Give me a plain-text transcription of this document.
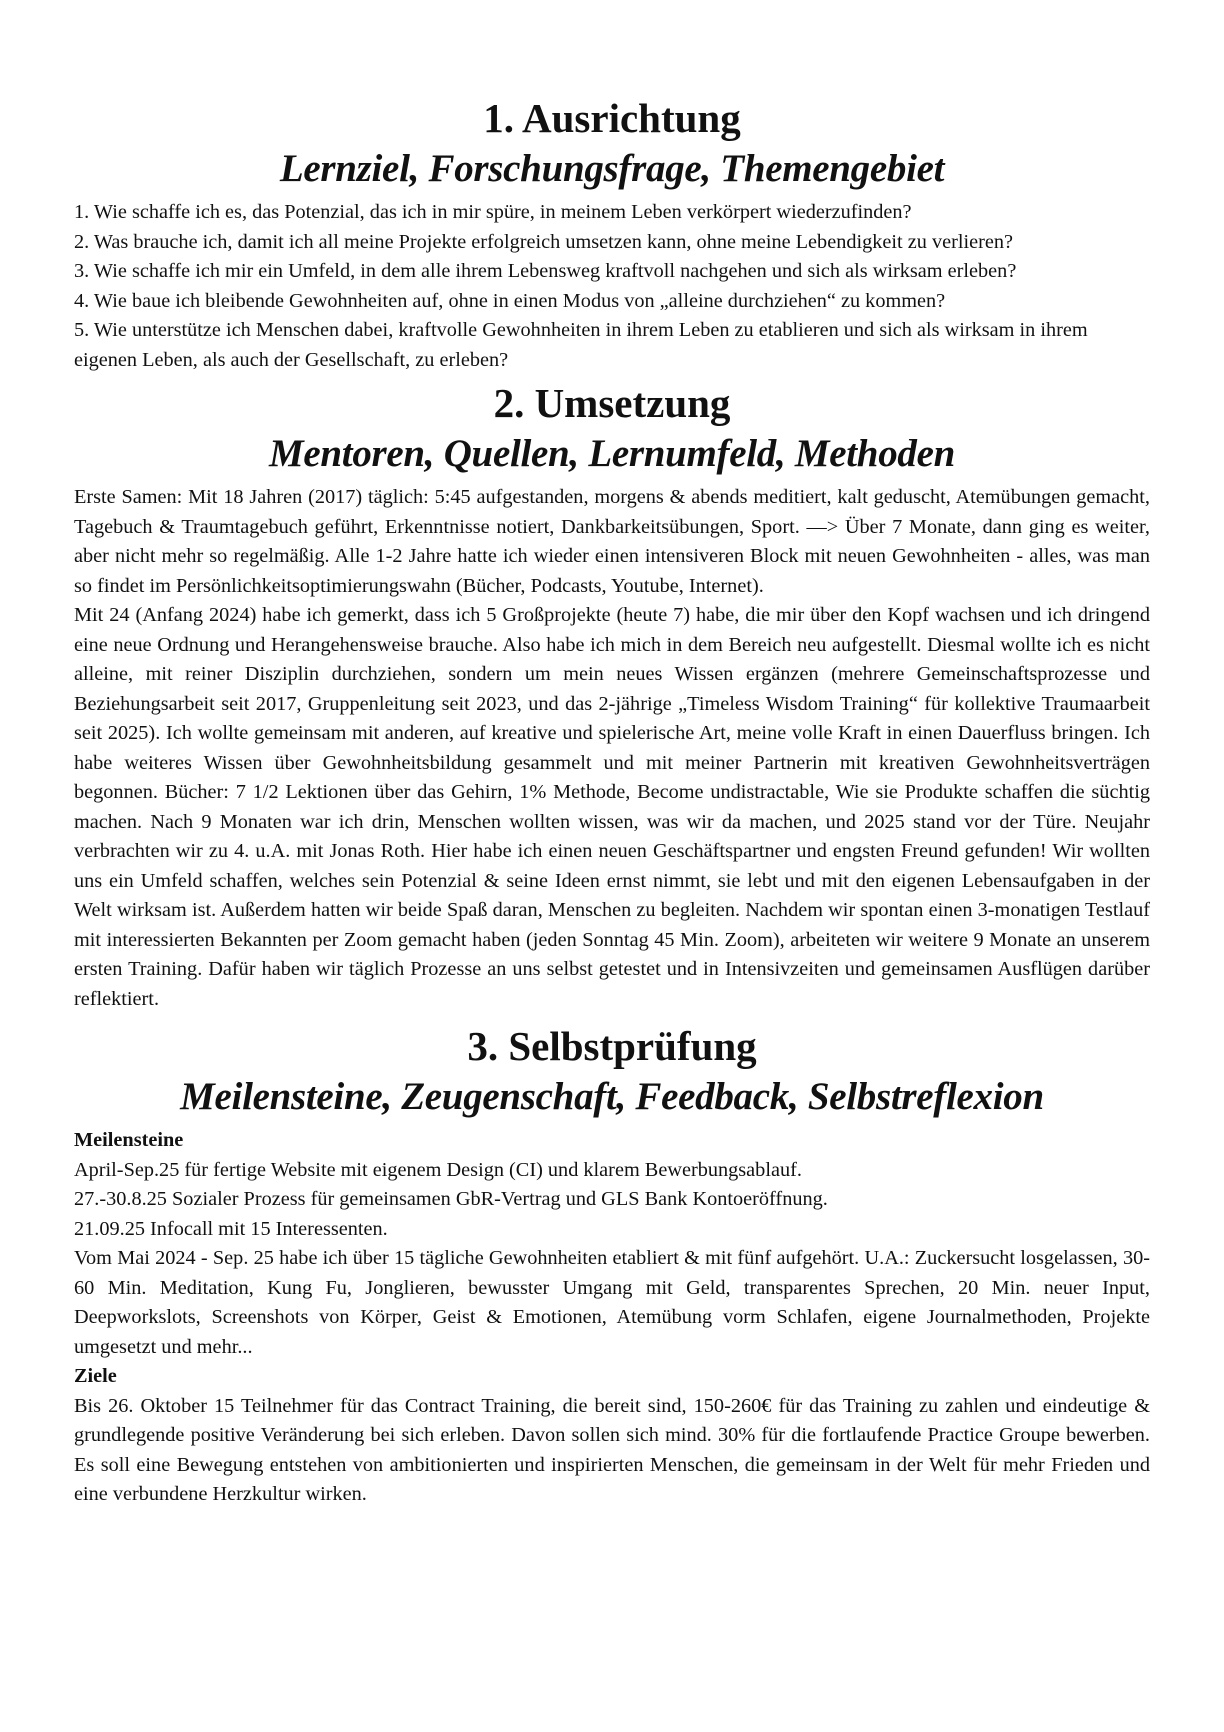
1. Ausrichtung
Lernziel, Forschungsfrage, Themengebiet

1. Wie schaffe ich es, das Potenzial, das ich in mir spüre, in meinem Leben verkörpert wiederzufinden?

2. Was brauche ich, damit ich all meine Projekte erfolgreich umsetzen kann, ohne meine Lebendigkeit zu verlieren?

3. Wie schaffe ich mir ein Umfeld, in dem alle ihrem Lebensweg kraftvoll nachgehen und sich als wirksam erleben?

4. Wie baue ich bleibende Gewohnheiten auf, ohne in einen Modus von „alleine durchziehen“ zu kommen?

5. Wie unterstütze ich Menschen dabei, kraftvolle Gewohnheiten in ihrem Leben zu etablieren und sich als wirksam in ihrem eigenen Leben, als auch der Gesellschaft, zu erleben?

2. Umsetzung
Mentoren, Quellen, Lernumfeld, Methoden

Erste Samen: Mit 18 Jahren (2017) täglich: 5:45 aufgestanden, morgens & abends meditiert, kalt geduscht, Atemübungen gemacht, Tagebuch & Traumtagebuch geführt, Erkenntnisse notiert, Dankbarkeitsübungen, Sport. —> Über 7 Monate, dann ging es weiter, aber nicht mehr so regelmäßig. Alle 1-2 Jahre hatte ich wieder einen intensiveren Block mit neuen Gewohnheiten - alles, was man so findet im Persönlichkeitsoptimierungswahn (Bücher, Podcasts, Youtube, Internet).

Mit 24 (Anfang 2024) habe ich gemerkt, dass ich 5 Großprojekte (heute 7) habe, die mir über den Kopf wachsen und ich dringend eine neue Ordnung und Herangehensweise brauche. Also habe ich mich in dem Bereich neu aufgestellt. Diesmal wollte ich es nicht alleine, mit reiner Disziplin durchziehen, sondern um mein neues Wissen ergänzen (mehrere Gemeinschaftsprozesse und Beziehungsarbeit seit 2017, Gruppenleitung seit 2023, und das 2-jährige „Timeless Wisdom Training“ für kollektive Traumaarbeit seit 2025). Ich wollte gemeinsam mit anderen, auf kreative und spielerische Art, meine volle Kraft in einen Dauerfluss bringen. Ich habe weiteres Wissen über Gewohnheitsbildung gesammelt und mit meiner Partnerin mit kreativen Gewohnheitsverträgen begonnen. Bücher: 7 1/2 Lektionen über das Gehirn, 1% Methode, Become undistractable, Wie sie Produkte schaffen die süchtig machen. Nach 9 Monaten war ich drin, Menschen wollten wissen, was wir da machen, und 2025 stand vor der Türe. Neujahr verbrachten wir zu 4. u.A. mit Jonas Roth. Hier habe ich einen neuen Geschäftspartner und engsten Freund gefunden! Wir wollten uns ein Umfeld schaffen, welches sein Potenzial & seine Ideen ernst nimmt, sie lebt und mit den eigenen Lebensaufgaben in der Welt wirksam ist. Außerdem hatten wir beide Spaß daran, Menschen zu begleiten. Nachdem wir spontan einen 3-monatigen Testlauf mit interessierten Bekannten per Zoom gemacht haben (jeden Sonntag 45 Min. Zoom), arbeiteten wir weitere 9 Monate an unserem ersten Training. Dafür haben wir täglich Prozesse an uns selbst getestet und in Intensivzeiten und gemeinsamen Ausflügen darüber reflektiert.

3. Selbstprüfung
Meilensteine, Zeugenschaft, Feedback, Selbstreflexion

Meilensteine

April-Sep.25 für fertige Website mit eigenem Design (CI) und klarem Bewerbungsablauf.

27.-30.8.25 Sozialer Prozess für gemeinsamen GbR-Vertrag und GLS Bank Kontoeröffnung.

21.09.25 Infocall mit 15 Interessenten.

Vom Mai 2024 - Sep. 25 habe ich über 15 tägliche Gewohnheiten etabliert & mit fünf aufgehört. U.A.: Zuckersucht losgelassen, 30-60 Min. Meditation, Kung Fu, Jonglieren, bewusster Umgang mit Geld, transparentes Sprechen, 20 Min. neuer Input, Deepworkslots, Screenshots von Körper, Geist & Emotionen, Atemübung vorm Schlafen, eigene Journalmethoden, Projekte umgesetzt und mehr...

Ziele

Bis 26. Oktober 15 Teilnehmer für das Contract Training, die bereit sind, 150-260€ für das Training zu zahlen und eindeutige & grundlegende positive Veränderung bei sich erleben. Davon sollen sich mind. 30% für die fortlaufende Practice Groupe bewerben. Es soll eine Bewegung entstehen von ambitionierten und inspirierten Menschen, die gemeinsam in der Welt für mehr Frieden und eine verbundene Herzkultur wirken.
